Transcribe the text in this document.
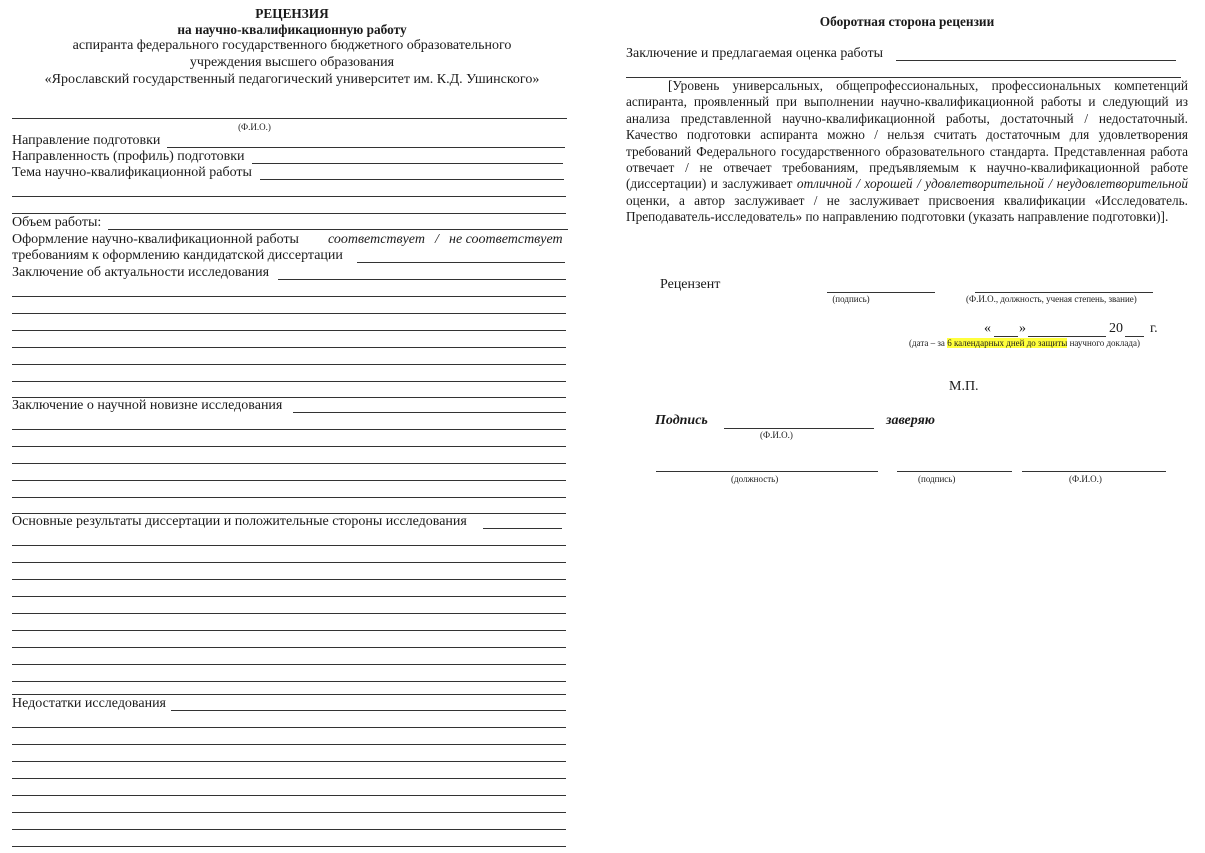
РЕЦЕНЗИЯ
на научно-квалификационную работу
аспиранта федерального государственного бюджетного образовательного
учреждения высшего образования
«Ярославский государственный педагогический университет им. К.Д. Ушинского»
(Ф.И.О.)
Направление подготовки
Направленность (профиль) подготовки
Тема научно-квалификационной работы
Объем работы:
Оформление научно-квалификационной работы соответствует / не соответствует
требованиям к оформлению кандидатской диссертации
Заключение об актуальности исследования
Заключение о научной новизне исследования
Основные результаты диссертации и положительные стороны исследования
Недостатки исследования
Оборотная сторона рецензии
Заключение и предлагаемая оценка работы
[Уровень универсальных, общепрофессиональных, профессиональных компетенций аспиранта, проявленный при выполнении научно-квалификационной работы и следующий из анализа представленной научно-квалификационной работы, достаточный / недостаточный. Качество подготовки аспиранта можно / нельзя считать достаточным для удовлетворения требований Федерального государственного образовательного стандарта. Представленная работа отвечает / не отвечает требованиям, предъявляемым к научно-квалификационной работе (диссертации) и заслуживает отличной / хорошей / удовлетворительной / неудовлетворительной оценки, а автор заслуживает / не заслуживает присвоения квалификации «Исследователь. Преподаватель-исследователь» по направлению подготовки (указать направление подготовки)].
Рецензент
(подпись)	(Ф.И.О., должность, ученая степень, звание)
« »	20 г.
(дата – за 6 календарных дней до защиты научного доклада)
М.П.
Подпись	заверяю
(Ф.И.О.)
(должность)	(подпись)	(Ф.И.О.)
